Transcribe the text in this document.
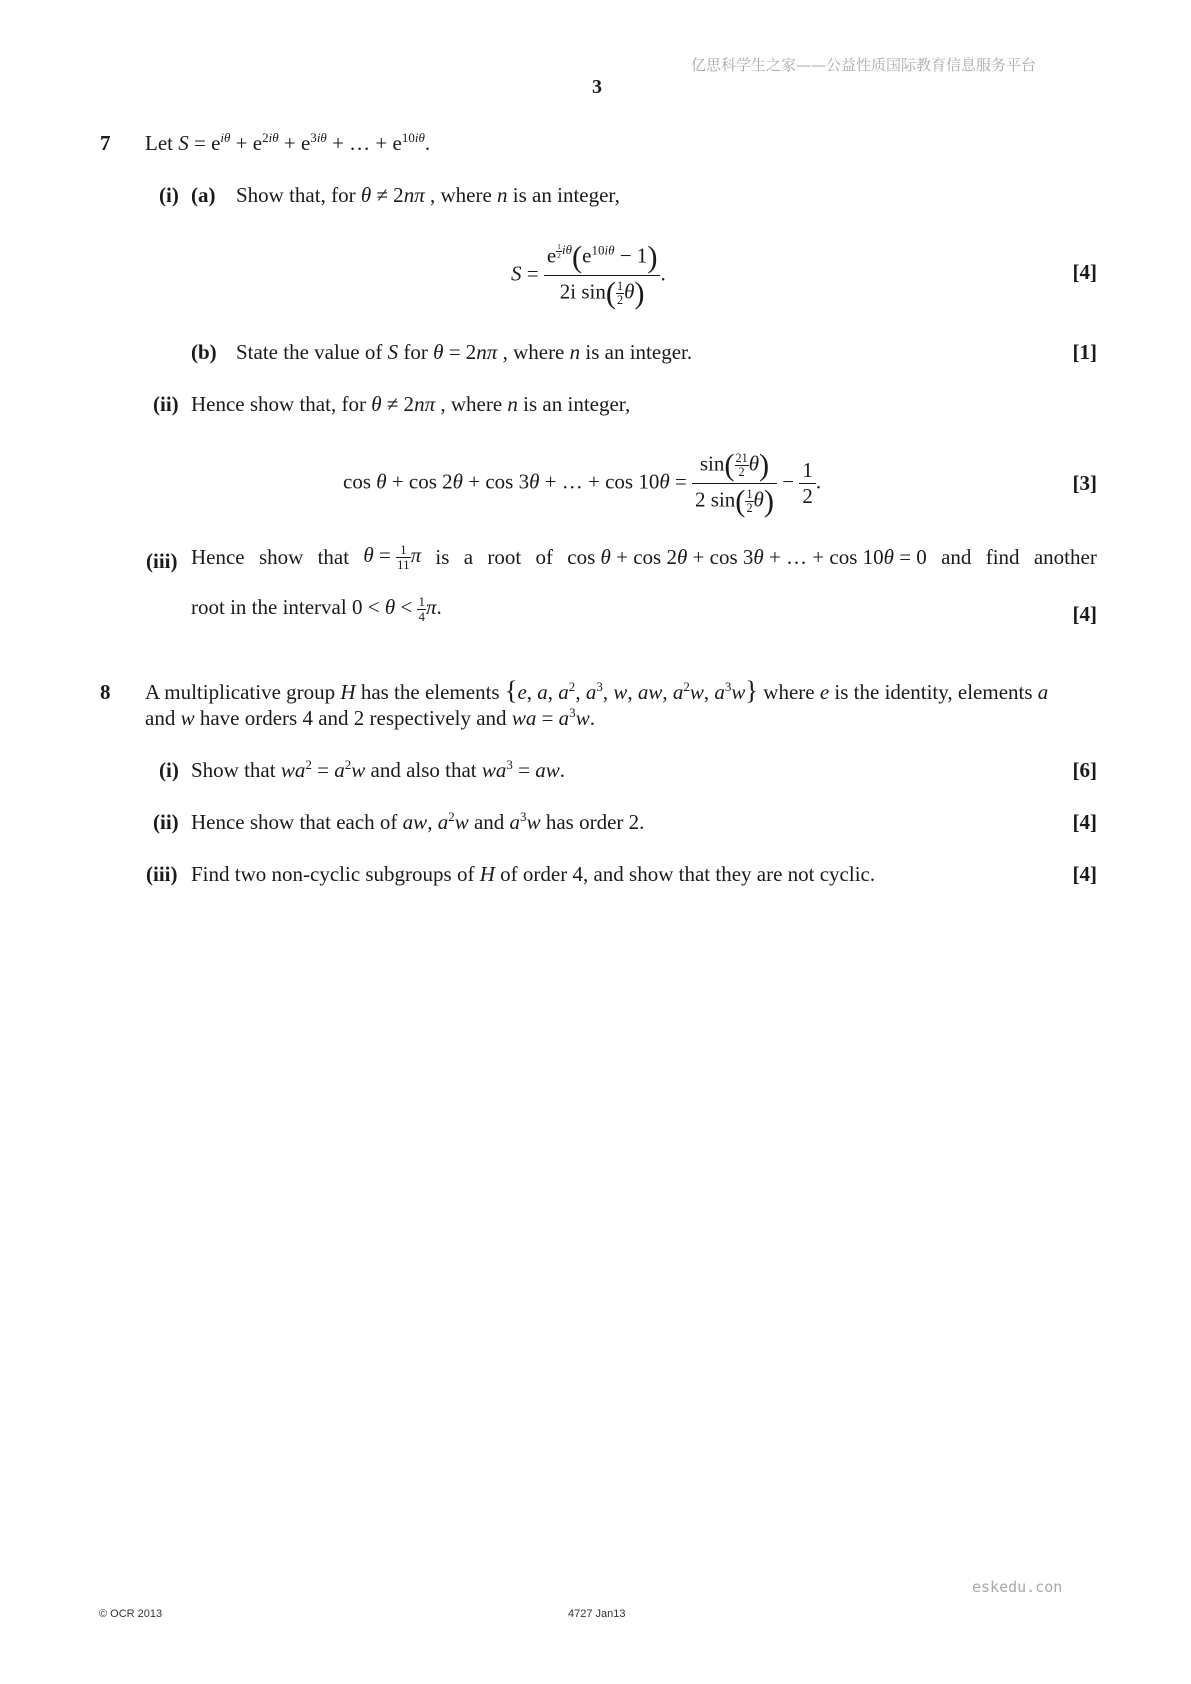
亿思科学生之家——公益性质国际教育信息服务平台
3
7 Let $S = e^{i\theta} + e^{2i\theta} + e^{3i\theta}$ + … + $e^{10i\theta}$.
(i) (a) Show that, for θ ≠ 2nπ , where n is an integer,
S = e $^{\frac{1}{2} i\theta}(e^{10i\theta} - 1)$
2i $\sin( \frac{1}{2} \theta)$ .	[4]
(b) State the value of S for θ = 2nπ , where n is an integer.	[1]
(ii) Hence show that, for θ ≠ 2nπ , where n is an integer,
cos θ + cos 2θ + cos 3θ + … + $\cos 10\theta = \frac{\sin( \frac{21}{2} \theta)}{2 \sin( \frac{1}{2} \theta)} - \frac{1}{2}$ .	[3]
(iii) Hence show that $\theta = \frac{1}{11}$ π is a root of cos θ + cos 2θ + cos 3θ + … + cos 10θ = 0 and find another
root in the interval $0 < \theta < \frac{1}{4} \pi$.	[4]
8 A multiplicative group H has the elements {e, a, $a^2$, $a^3$, w, aw, $a^2w$, $a^3w$} where e is the identity, elements a
and w have orders 4 and 2 respectively and wa = $a^3w$.
(i) Show that $wa^2 = a^2w$ and also that $wa^3$ = aw.	[6]
(ii) Hence show that each of aw, $a^2w$ and $a^3w$ has order 2.	[4]
(iii) Find two non-cyclic subgroups of H of order 4, and show that they are not cyclic.	[4]
eskedu.con
© OCR 2013	4727 Jan13
